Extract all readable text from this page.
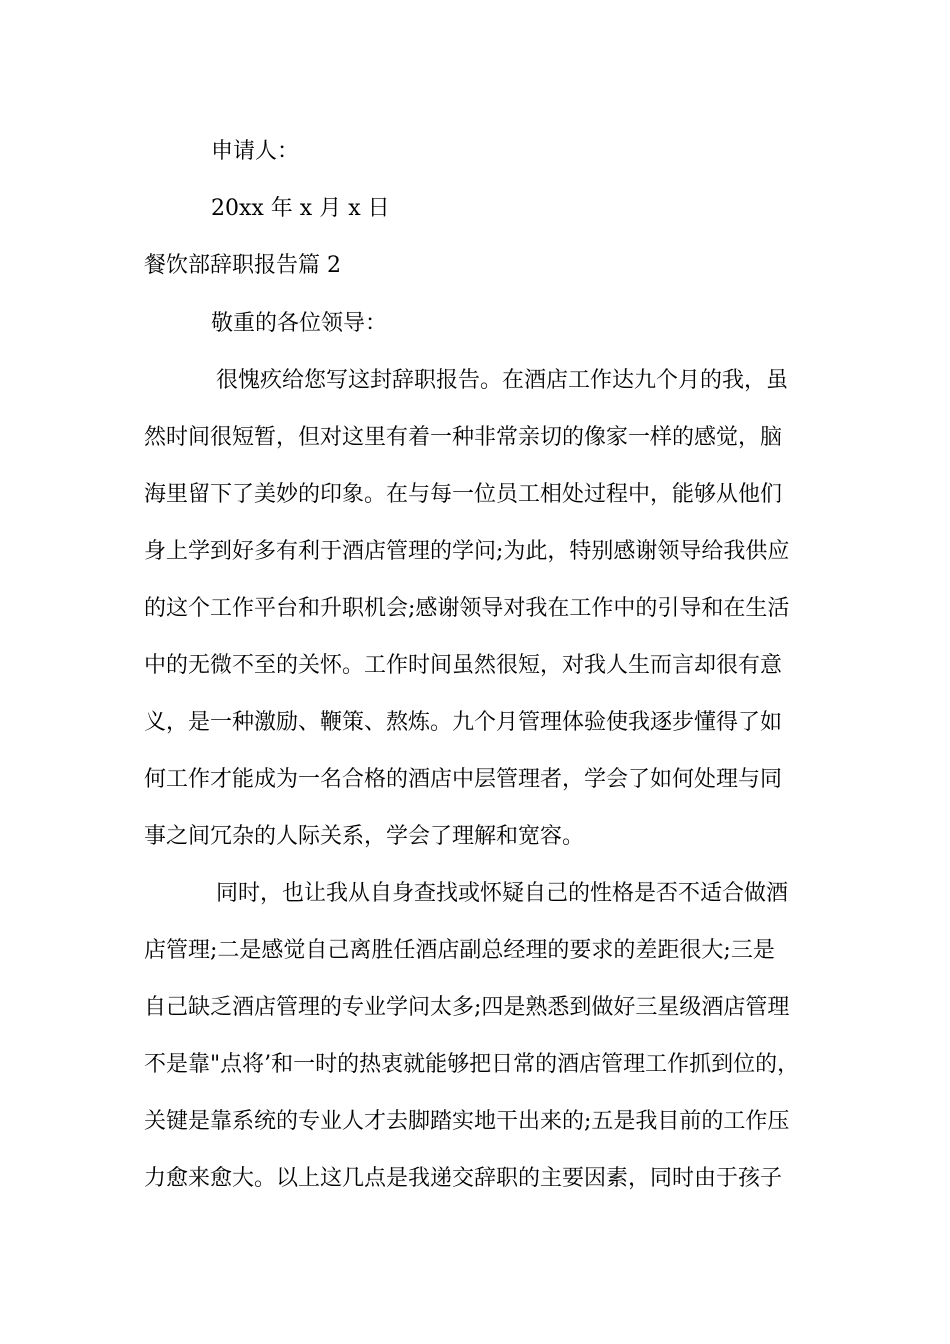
申请人：
20xx 年 x 月 x 日
餐饮部辞职报告篇 2
敬重的各位领导：
很愧疚给您写这封辞职报告。在酒店工作达九个月的我，虽
然时间很短暂，但对这里有着一种非常亲切的像家一样的感觉，脑
海里留下了美妙的印象。在与每一位员工相处过程中，能够从他们
身上学到好多有利于酒店管理的学问;为此，特别感谢领导给我供应
的这个工作平台和升职机会;感谢领导对我在工作中的引导和在生活
中的无微不至的关怀。工作时间虽然很短，对我人生而言却很有意
义，是一种激励、鞭策、熬炼。九个月管理体验使我逐步懂得了如
何工作才能成为一名合格的酒店中层管理者，学会了如何处理与同
事之间冗杂的人际关系，学会了理解和宽容。
同时，也让我从自身查找或怀疑自己的性格是否不适合做酒
店管理;二是感觉自己离胜任酒店副总经理的要求的差距很大;三是
自己缺乏酒店管理的专业学问太多;四是熟悉到做好三星级酒店管理
不是靠"点将’和一时的热衷就能够把日常的酒店管理工作抓到位的，
关键是靠系统的专业人才去脚踏实地干出来的;五是我目前的工作压
力愈来愈大。以上这几点是我递交辞职的主要因素，同时由于孩子
